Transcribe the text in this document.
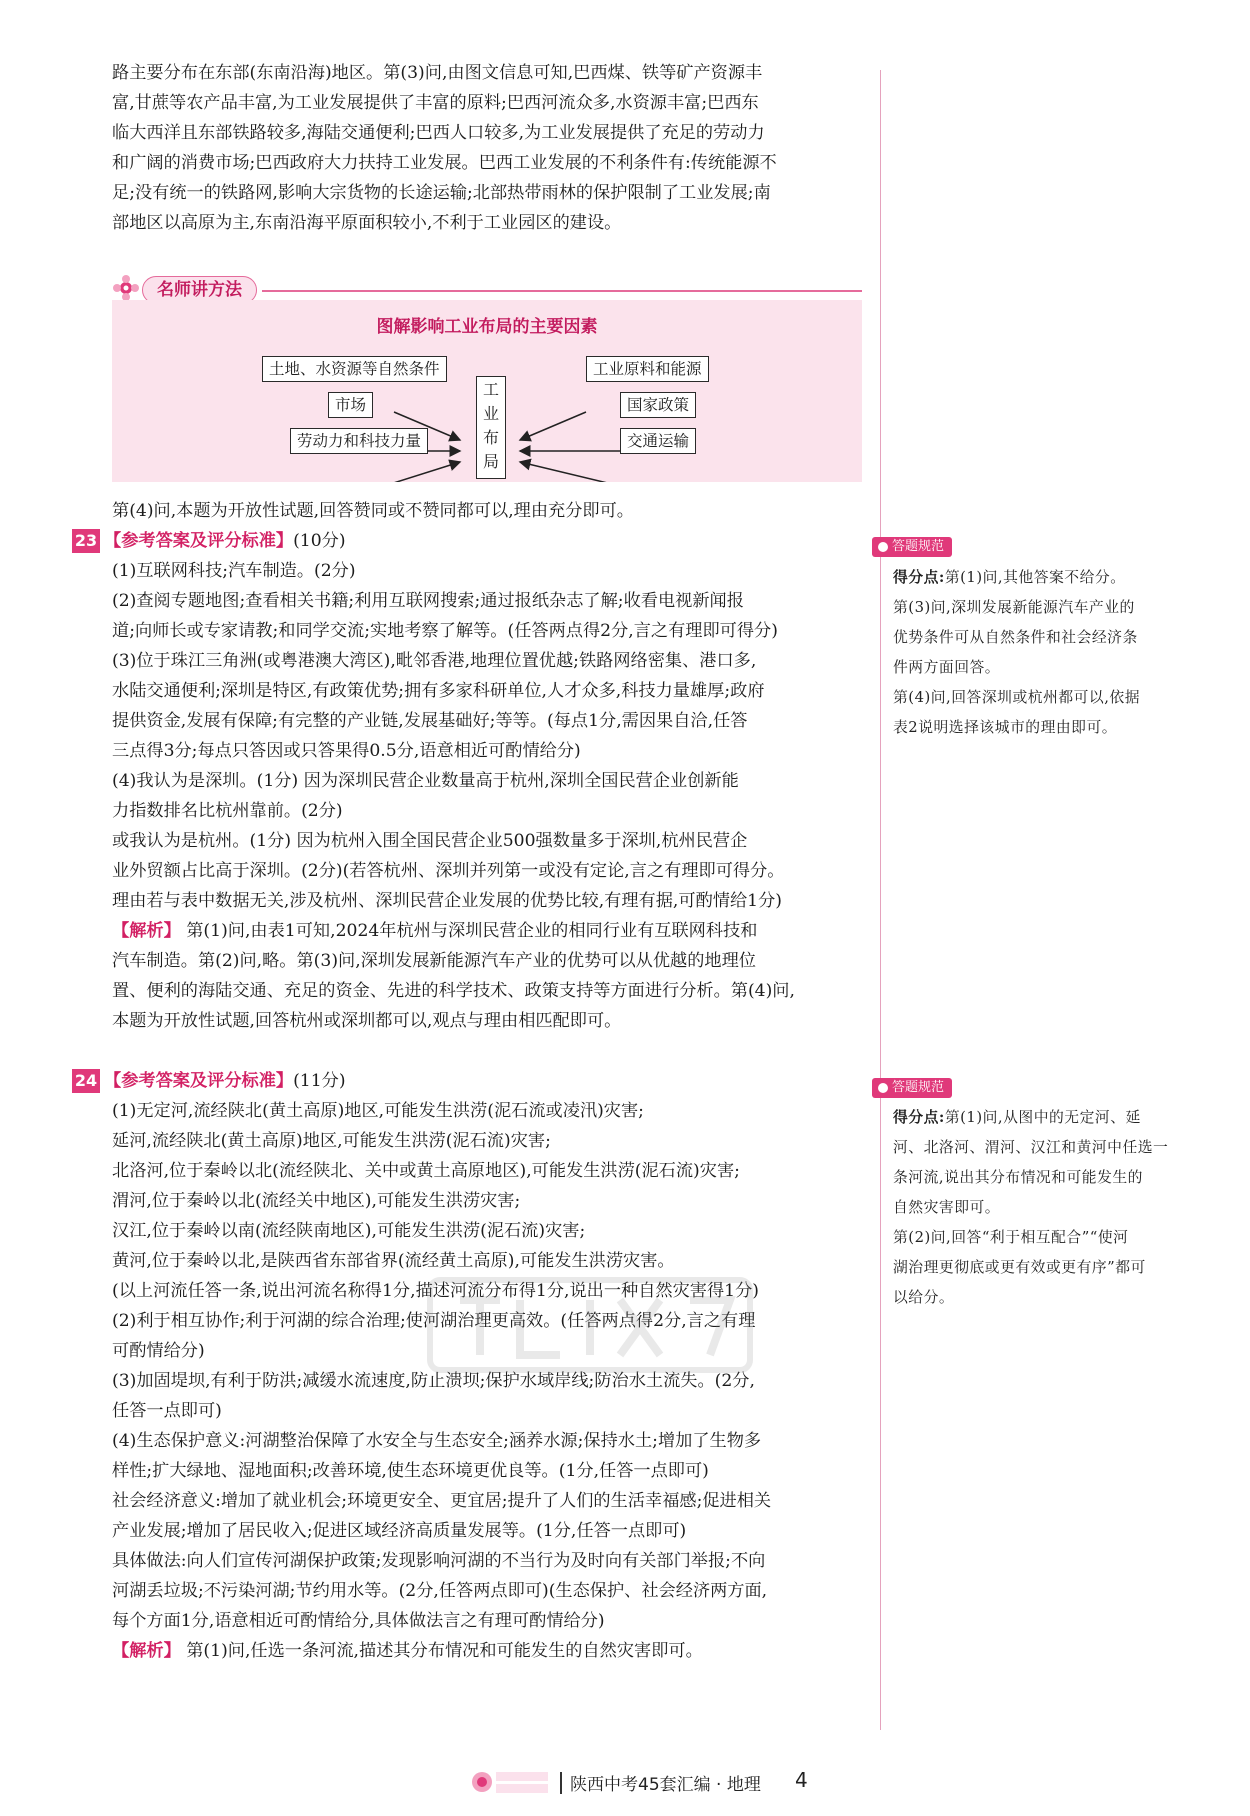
路主要分布在东部(东南沿海)地区。第(3)问,由图文信息可知,巴西煤、铁等矿产资源丰
富,甘蔗等农产品丰富,为工业发展提供了丰富的原料;巴西河流众多,水资源丰富;巴西东
临大西洋且东部铁路较多,海陆交通便利;巴西人口较多,为工业发展提供了充足的劳动力
和广阔的消费市场;巴西政府大力扶持工业发展。巴西工业发展的不利条件有:传统能源不
足;没有统一的铁路网,影响大宗货物的长途运输;北部热带雨林的保护限制了工业发展;南
部地区以高原为主,东南沿海平原面积较小,不利于工业园区的建设。
名师讲方法
图解影响工业布局的主要因素
土地、水资源等自然条件
市场
劳动力和科技力量
工业布局
工业原料和能源
国家政策
交通运输
第(4)问,本题为开放性试题,回答赞同或不赞同都可以,理由充分即可。
23 【参考答案及评分标准】(10分)
(1)互联网科技;汽车制造。(2分)
(2)查阅专题地图;查看相关书籍;利用互联网搜索;通过报纸杂志了解;收看电视新闻报
道;向师长或专家请教;和同学交流;实地考察了解等。(任答两点得2分,言之有理即可得分)
(3)位于珠江三角洲(或粤港澳大湾区),毗邻香港,地理位置优越;铁路网络密集、港口多,
水陆交通便利;深圳是特区,有政策优势;拥有多家科研单位,人才众多,科技力量雄厚;政府
提供资金,发展有保障;有完整的产业链,发展基础好;等等。(每点1分,需因果自洽,任答
三点得3分;每点只答因或只答果得0.5分,语意相近可酌情给分)
(4)我认为是深圳。(1分) 因为深圳民营企业数量高于杭州,深圳全国民营企业创新能
力指数排名比杭州靠前。(2分)
或我认为是杭州。(1分) 因为杭州入围全国民营企业500强数量多于深圳,杭州民营企
业外贸额占比高于深圳。(2分)(若答杭州、深圳并列第一或没有定论,言之有理即可得分。
理由若与表中数据无关,涉及杭州、深圳民营企业发展的优势比较,有理有据,可酌情给1分)
【解析】 第(1)问,由表1可知,2024年杭州与深圳民营企业的相同行业有互联网科技和
汽车制造。第(2)问,略。第(3)问,深圳发展新能源汽车产业的优势可以从优越的地理位
置、便利的海陆交通、充足的资金、先进的科学技术、政策支持等方面进行分析。第(4)问,
本题为开放性试题,回答杭州或深圳都可以,观点与理由相匹配即可。
24 【参考答案及评分标准】(11分)
(1)无定河,流经陕北(黄土高原)地区,可能发生洪涝(泥石流或凌汛)灾害;
延河,流经陕北(黄土高原)地区,可能发生洪涝(泥石流)灾害;
北洛河,位于秦岭以北(流经陕北、关中或黄土高原地区),可能发生洪涝(泥石流)灾害;
渭河,位于秦岭以北(流经关中地区),可能发生洪涝灾害;
汉江,位于秦岭以南(流经陕南地区),可能发生洪涝(泥石流)灾害;
黄河,位于秦岭以北,是陕西省东部省界(流经黄土高原),可能发生洪涝灾害。
(以上河流任答一条,说出河流名称得1分,描述河流分布得1分,说出一种自然灾害得1分)
(2)利于相互协作;利于河湖的综合治理;使河湖治理更高效。(任答两点得2分,言之有理
可酌情给分)
(3)加固堤坝,有利于防洪;减缓水流速度,防止溃坝;保护水域岸线;防治水土流失。(2分,
任答一点即可)
(4)生态保护意义:河湖整治保障了水安全与生态安全;涵养水源;保持水土;增加了生物多
样性;扩大绿地、湿地面积;改善环境,使生态环境更优良等。(1分,任答一点即可)
社会经济意义:增加了就业机会;环境更安全、更宜居;提升了人们的生活幸福感;促进相关
产业发展;增加了居民收入;促进区域经济高质量发展等。(1分,任答一点即可)
具体做法:向人们宣传河湖保护政策;发现影响河湖的不当行为及时向有关部门举报;不向
河湖丢垃圾;不污染河湖;节约用水等。(2分,任答两点即可)(生态保护、社会经济两方面,
每个方面1分,语意相近可酌情给分,具体做法言之有理可酌情给分)
【解析】 第(1)问,任选一条河流,描述其分布情况和可能发生的自然灾害即可。
答题规范
得分点:第(1)问,其他答案不给分。
第(3)问,深圳发展新能源汽车产业的
优势条件可从自然条件和社会经济条
件两方面回答。
第(4)问,回答深圳或杭州都可以,依据
表2说明选择该城市的理由即可。
答题规范
得分点:第(1)问,从图中的无定河、延
河、北洛河、渭河、汉江和黄河中任选一
条河流,说出其分布情况和可能发生的
自然灾害即可。
第(2)问,回答“利于相互配合”“使河
湖治理更彻底或更有效或更有序”都可
以给分。
陕西中考45套汇编 · 地理 4
